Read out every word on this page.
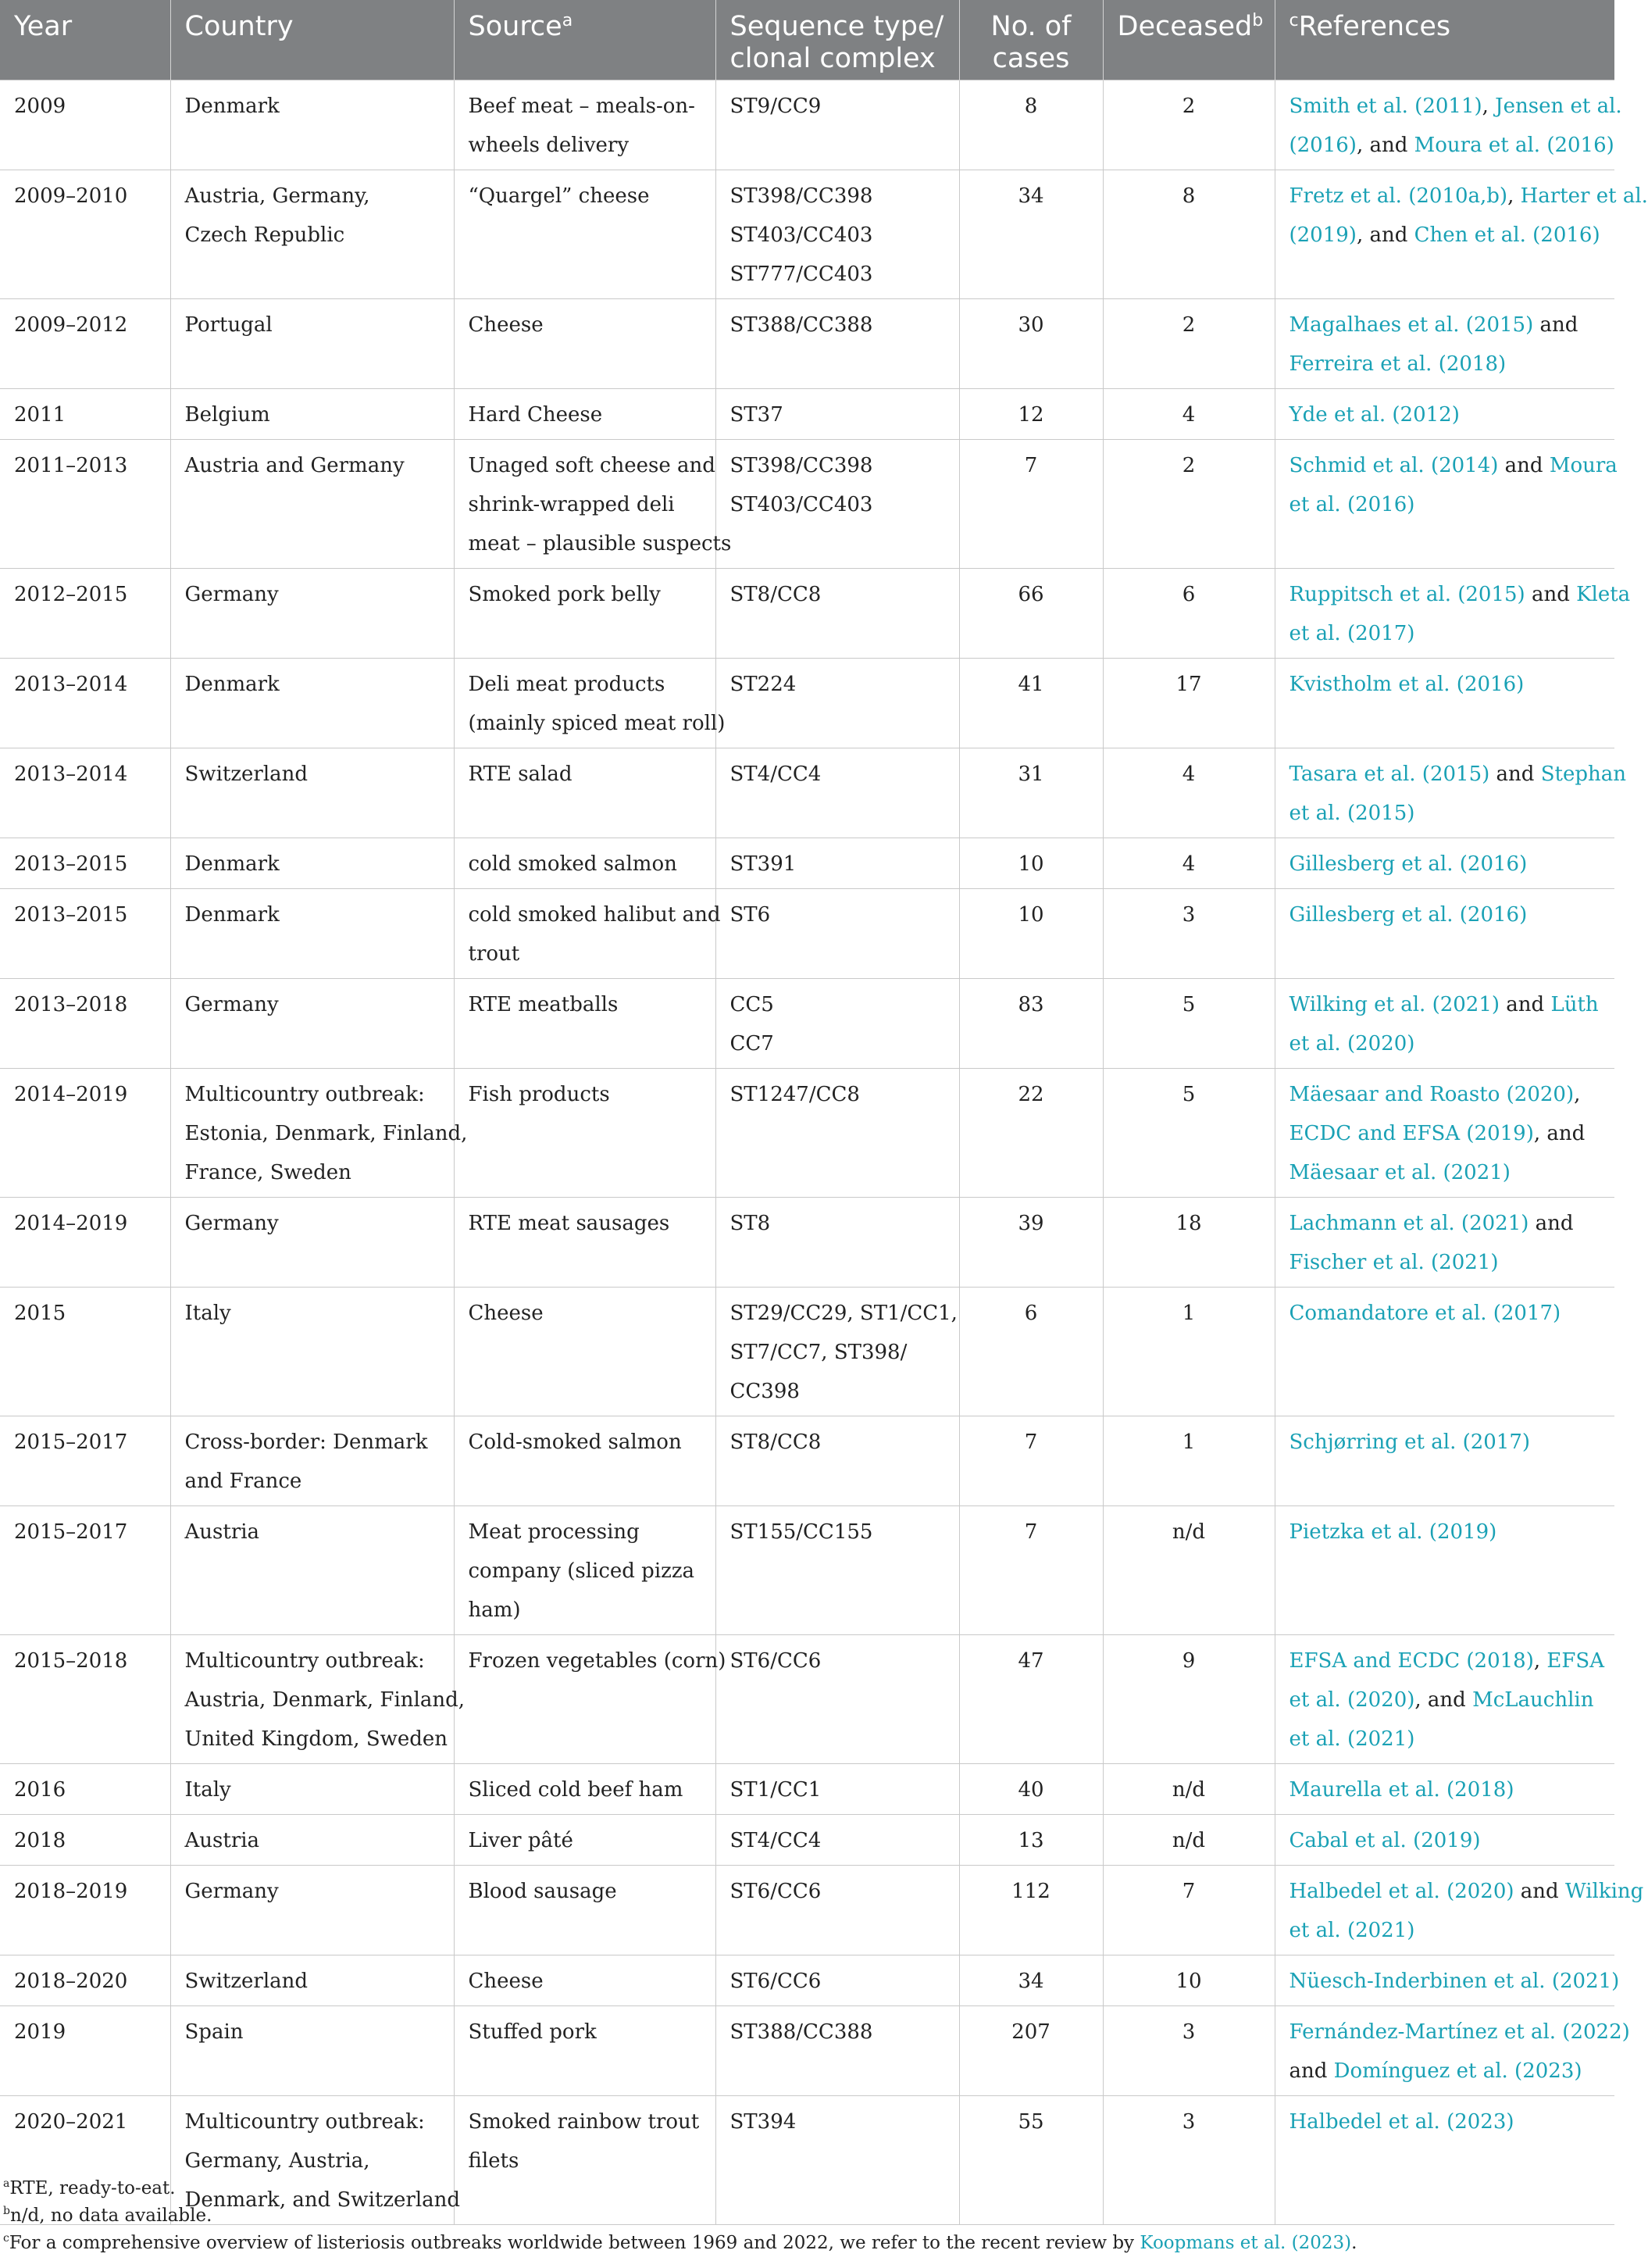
Year	Country	Source$^a$	Sequence type/
clonal complex	No. of
cases	Deceased$^b$	$^c$References

2009	Denmark	Beef meat – meals-on-
wheels delivery	ST9/CC9	8	2	Smith et al. (2011), Jensen et al.
(2016), and Moura et al. (2016)

2009–2010	Austria, Germany,
Czech Republic	“Quargel” cheese	ST398/CC398
ST403/CC403
ST777/CC403	34	8	Fretz et al. (2010a,b), Harter et al.
(2019), and Chen et al. (2016)

2009–2012	Portugal	Cheese	ST388/CC388	30	2	Magalhaes et al. (2015) and
Ferreira et al. (2018)

2011	Belgium	Hard Cheese	ST37	12	4	Yde et al. (2012)

2011–2013	Austria and Germany	Unaged soft cheese and
shrink-wrapped deli
meat – plausible suspects	ST398/CC398
ST403/CC403	7	2	Schmid et al. (2014) and Moura
et al. (2016)

2012–2015	Germany	Smoked pork belly	ST8/CC8	66	6	Ruppitsch et al. (2015) and Kleta
et al. (2017)

2013–2014	Denmark	Deli meat products
(mainly spiced meat roll)	ST224	41	17	Kvistholm et al. (2016)

2013–2014	Switzerland	RTE salad	ST4/CC4	31	4	Tasara et al. (2015) and Stephan
et al. (2015)

2013–2015	Denmark	cold smoked salmon	ST391	10	4	Gillesberg et al. (2016)

2013–2015	Denmark	cold smoked halibut and
trout	ST6	10	3	Gillesberg et al. (2016)

2013–2018	Germany	RTE meatballs	CC5
CC7	83	5	Wilking et al. (2021) and Lüth
et al. (2020)

2014–2019	Multicountry outbreak:
Estonia, Denmark, Finland,
France, Sweden	Fish products	ST1247/CC8	22	5	Mäesaar and Roasto (2020),
ECDC and EFSA (2019), and
Mäesaar et al. (2021)

2014–2019	Germany	RTE meat sausages	ST8	39	18	Lachmann et al. (2021) and
Fischer et al. (2021)

2015	Italy	Cheese	ST29/CC29, ST1/CC1,
ST7/CC7, ST398/
CC398	6	1	Comandatore et al. (2017)

2015–2017	Cross-border: Denmark
and France	Cold-smoked salmon	ST8/CC8	7	1	Schjørring et al. (2017)

2015–2017	Austria	Meat processing
company (sliced pizza
ham)	ST155/CC155	7	n/d	Pietzka et al. (2019)

2015–2018	Multicountry outbreak:
Austria, Denmark, Finland,
United Kingdom, Sweden	Frozen vegetables (corn)	ST6/CC6	47	9	EFSA and ECDC (2018), EFSA
et al. (2020), and McLauchlin
et al. (2021)

2016	Italy	Sliced cold beef ham	ST1/CC1	40	n/d	Maurella et al. (2018)

2018	Austria	Liver pâté	ST4/CC4	13	n/d	Cabal et al. (2019)

2018–2019	Germany	Blood sausage	ST6/CC6	112	7	Halbedel et al. (2020) and Wilking
et al. (2021)

2018–2020	Switzerland	Cheese	ST6/CC6	34	10	Nüesch-Inderbinen et al. (2021)

2019	Spain	Stuffed pork	ST388/CC388	207	3	Fernández-Martínez et al. (2022)
and Domínguez et al. (2023)

2020–2021	Multicountry outbreak:
Germany, Austria,
Denmark, and Switzerland	Smoked rainbow trout
filets	ST394	55	3	Halbedel et al. (2023)
$^a$RTE, ready-to-eat.
$^b$n/d, no data available.
$^c$For a comprehensive overview of listeriosis outbreaks worldwide between 1969 and 2022, we refer to the recent review by Koopmans et al. (2023).
